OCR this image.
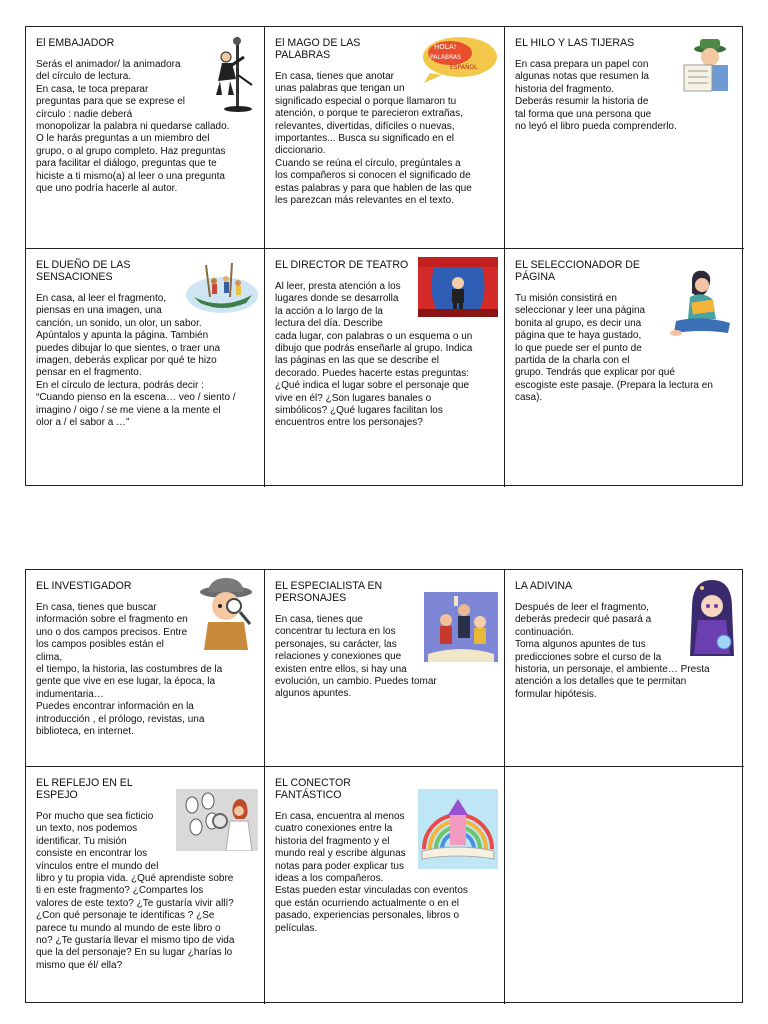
El EMBAJADOR
Serás el animador/ la animadora
del círculo de lectura.
En casa, te toca preparar
preguntas para que se exprese el
círculo : nadie deberá
monopolizar la palabra ni quedarse callado.
O le harás preguntas a un miembro del
grupo, o al grupo completo. Haz preguntas
para facilitar el diálogo, preguntas que te
hiciste a ti mismo(a) al leer o una pregunta
que uno podría hacerle al autor.
HOLA!
PALABRAS
ESPAÑOL
El MAGO DE LAS
PALABRAS
En casa, tienes que anotar
unas palabras que tengan un
significado especial o porque llamaron tu
atención, o porque te parecieron extrañas,
relevantes, divertidas, difíciles o nuevas,
importantes... Busca su significado en el
diccionario.
Cuando se reúna el círculo, pregúntales a
los compañeros si conocen el significado de
estas palabras y para que hablen de las que
les parezcan más relevantes en el texto.
EL HILO Y LAS TIJERAS
En casa prepara un papel con
algunas notas que resumen la
historia del fragmento.
Deberás resumir la historia de
tal forma que una persona que
no leyó el libro pueda comprenderlo.
EL DUEÑO DE LAS
SENSACIONES
En casa, al leer el fragmento,
piensas en una imagen, una
canción, un sonido, un olor, un sabor.
Apúntalos y apunta la página. También
puedes dibujar lo que sientes, o traer una
imagen, deberás explicar por qué te hizo
pensar en el fragmento.
En el círculo de lectura, podrás decir :
“Cuando pienso en la escena… veo / siento /
imagino / oigo / se me viene a la mente el
olor a / el sabor a …”
EL DIRECTOR DE TEATRO
Al leer, presta atención a los
lugares donde se desarrolla
la acción a lo largo de la
lectura del día. Describe
cada lugar, con palabras o un esquema o un
dibujo que podrás enseñarle al grupo. Indica
las páginas en las que se describe el
decorado. Puedes hacerte estas preguntas:
¿Qué indica el lugar sobre el personaje que
vive en él? ¿Son lugares banales o
simbólicos? ¿Qué lugares facilitan los
encuentros entre los personajes?
EL SELECCIONADOR DE PÁGINA
Tu misión consistirá en
seleccionar y leer una página
bonita al grupo, es decir una
página que te haya gustado,
lo que puede ser el punto de
partida de la charla con el
grupo. Tendrás que explicar por qué
escogiste este pasaje. (Prepara la lectura en
casa).
EL INVESTIGADOR
En casa, tienes que buscar
información sobre el fragmento en
uno o dos campos precisos. Entre
los campos posibles están el clima,
el tiempo, la historia, las costumbres de la
gente que vive en ese lugar, la época, la
indumentaria…
Puedes encontrar información en la
introducción , el prólogo, revistas, una
biblioteca, en internet.
EL ESPECIALISTA EN PERSONAJES
En casa, tienes que
concentrar tu lectura en los
personajes, su carácter, las
relaciones y conexiones que
existen entre ellos, si hay una
evolución, un cambio. Puedes tomar
algunos apuntes.
LA ADIVINA
Después de leer el fragmento,
deberás predecir qué pasará a
continuación.
Toma algunos apuntes de tus
predicciones sobre el curso de la
historia, un personaje, el ambiente… Presta
atención a los detalles que te permitan
formular hipótesis.
EL REFLEJO EN EL ESPEJO
Por mucho que sea ficticio
un texto, nos podemos
identificar. Tu misión
consiste en encontrar los
vínculos entre el mundo del
libro y tu propia vida. ¿Qué aprendiste sobre
ti en este fragmento? ¿Compartes los
valores de este texto? ¿Te gustaría vivir allí?
¿Con qué personaje te identificas ? ¿Se
parece tu mundo al mundo de este libro o
no? ¿Te gustaría llevar el mismo tipo de vida
que la del personaje? En su lugar ¿harías lo
mismo que él/ ella?
EL CONECTOR FANTÁSTICO
En casa, encuentra al menos
cuatro conexiones entre la
historia del fragmento y el
mundo real y escribe algunas
notas para poder explicar tus
ideas a los compañeros.
Estas pueden estar vinculadas con eventos
que están ocurriendo actualmente o en el
pasado, experiencias personales, libros o
películas.
